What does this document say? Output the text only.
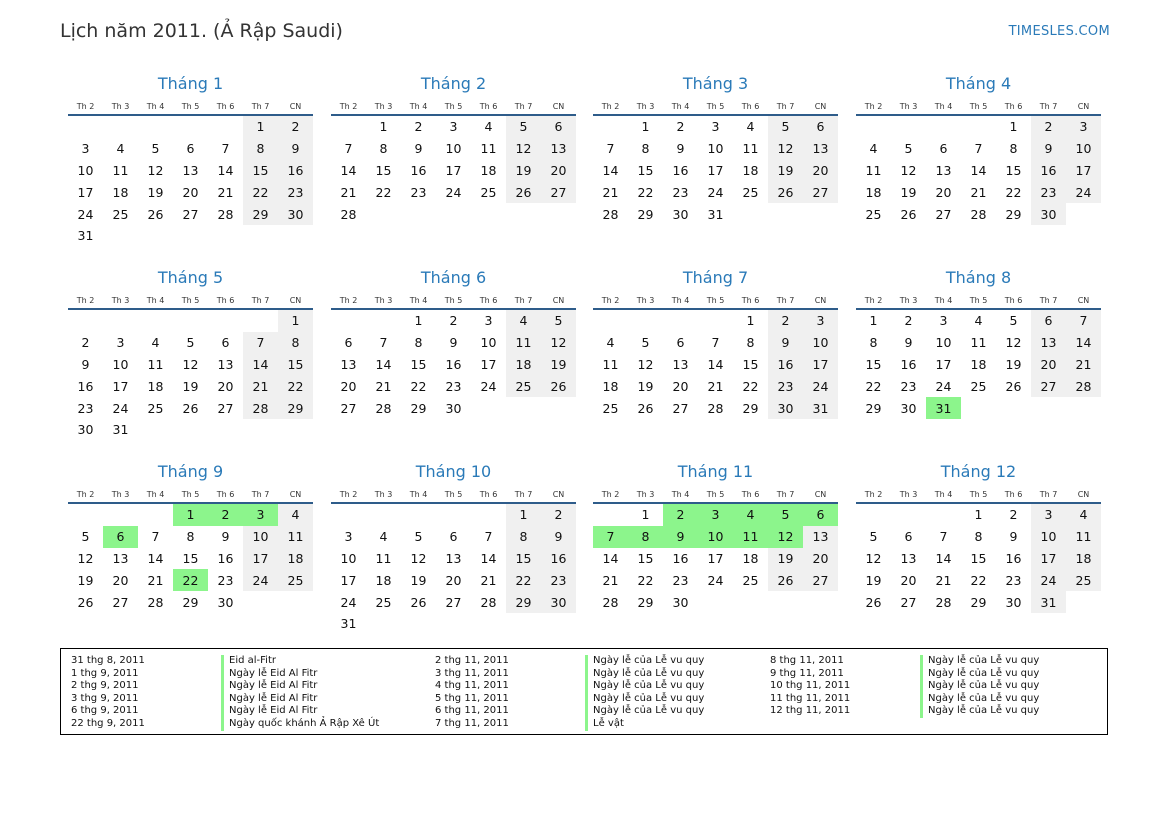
Lịch năm 2011. (Ả Rập Saudi)	TIMESLES.COM
Tháng 1
Th 2	Th 3	Th 4	Th 5	Th 6	Th 7	CN
					1	2
3	4	5	6	7	8	9
10	11	12	13	14	15	16
17	18	19	20	21	22	23
24	25	26	27	28	29	30
31						
Tháng 2
Th 2	Th 3	Th 4	Th 5	Th 6	Th 7	CN
	1	2	3	4	5	6
7	8	9	10	11	12	13
14	15	16	17	18	19	20
21	22	23	24	25	26	27
28						
Tháng 3
Th 2	Th 3	Th 4	Th 5	Th 6	Th 7	CN
	1	2	3	4	5	6
7	8	9	10	11	12	13
14	15	16	17	18	19	20
21	22	23	24	25	26	27
28	29	30	31			
Tháng 4
Th 2	Th 3	Th 4	Th 5	Th 6	Th 7	CN
				1	2	3
4	5	6	7	8	9	10
11	12	13	14	15	16	17
18	19	20	21	22	23	24
25	26	27	28	29	30	
Tháng 5
Th 2	Th 3	Th 4	Th 5	Th 6	Th 7	CN
						1
2	3	4	5	6	7	8
9	10	11	12	13	14	15
16	17	18	19	20	21	22
23	24	25	26	27	28	29
30	31					
Tháng 6
Th 2	Th 3	Th 4	Th 5	Th 6	Th 7	CN
		1	2	3	4	5
6	7	8	9	10	11	12
13	14	15	16	17	18	19
20	21	22	23	24	25	26
27	28	29	30			
Tháng 7
Th 2	Th 3	Th 4	Th 5	Th 6	Th 7	CN
				1	2	3
4	5	6	7	8	9	10
11	12	13	14	15	16	17
18	19	20	21	22	23	24
25	26	27	28	29	30	31
Tháng 8
Th 2	Th 3	Th 4	Th 5	Th 6	Th 7	CN
1	2	3	4	5	6	7
8	9	10	11	12	13	14
15	16	17	18	19	20	21
22	23	24	25	26	27	28
29	30	31				
Tháng 9
Th 2	Th 3	Th 4	Th 5	Th 6	Th 7	CN
			1	2	3	4
5	6	7	8	9	10	11
12	13	14	15	16	17	18
19	20	21	22	23	24	25
26	27	28	29	30		
Tháng 10
Th 2	Th 3	Th 4	Th 5	Th 6	Th 7	CN
					1	2
3	4	5	6	7	8	9
10	11	12	13	14	15	16
17	18	19	20	21	22	23
24	25	26	27	28	29	30
31						
Tháng 11
Th 2	Th 3	Th 4	Th 5	Th 6	Th 7	CN
	1	2	3	4	5	6
7	8	9	10	11	12	13
14	15	16	17	18	19	20
21	22	23	24	25	26	27
28	29	30				
Tháng 12
Th 2	Th 3	Th 4	Th 5	Th 6	Th 7	CN
			1	2	3	4
5	6	7	8	9	10	11
12	13	14	15	16	17	18
19	20	21	22	23	24	25
26	27	28	29	30	31	
31 thg 8, 2011	Eid al-Fitr
1 thg 9, 2011	Ngày lễ Eid Al Fitr
2 thg 9, 2011	Ngày lễ Eid Al Fitr
3 thg 9, 2011	Ngày lễ Eid Al Fitr
6 thg 9, 2011	Ngày lễ Eid Al Fitr
22 thg 9, 2011	Ngày quốc khánh Ả Rập Xê Út
2 thg 11, 2011	Ngày lễ của Lễ vu quy
3 thg 11, 2011	Ngày lễ của Lễ vu quy
4 thg 11, 2011	Ngày lễ của Lễ vu quy
5 thg 11, 2011	Ngày lễ của Lễ vu quy
6 thg 11, 2011	Ngày lễ của Lễ vu quy
7 thg 11, 2011	Lễ vật
8 thg 11, 2011	Ngày lễ của Lễ vu quy
9 thg 11, 2011	Ngày lễ của Lễ vu quy
10 thg 11, 2011	Ngày lễ của Lễ vu quy
11 thg 11, 2011	Ngày lễ của Lễ vu quy
12 thg 11, 2011	Ngày lễ của Lễ vu quy
